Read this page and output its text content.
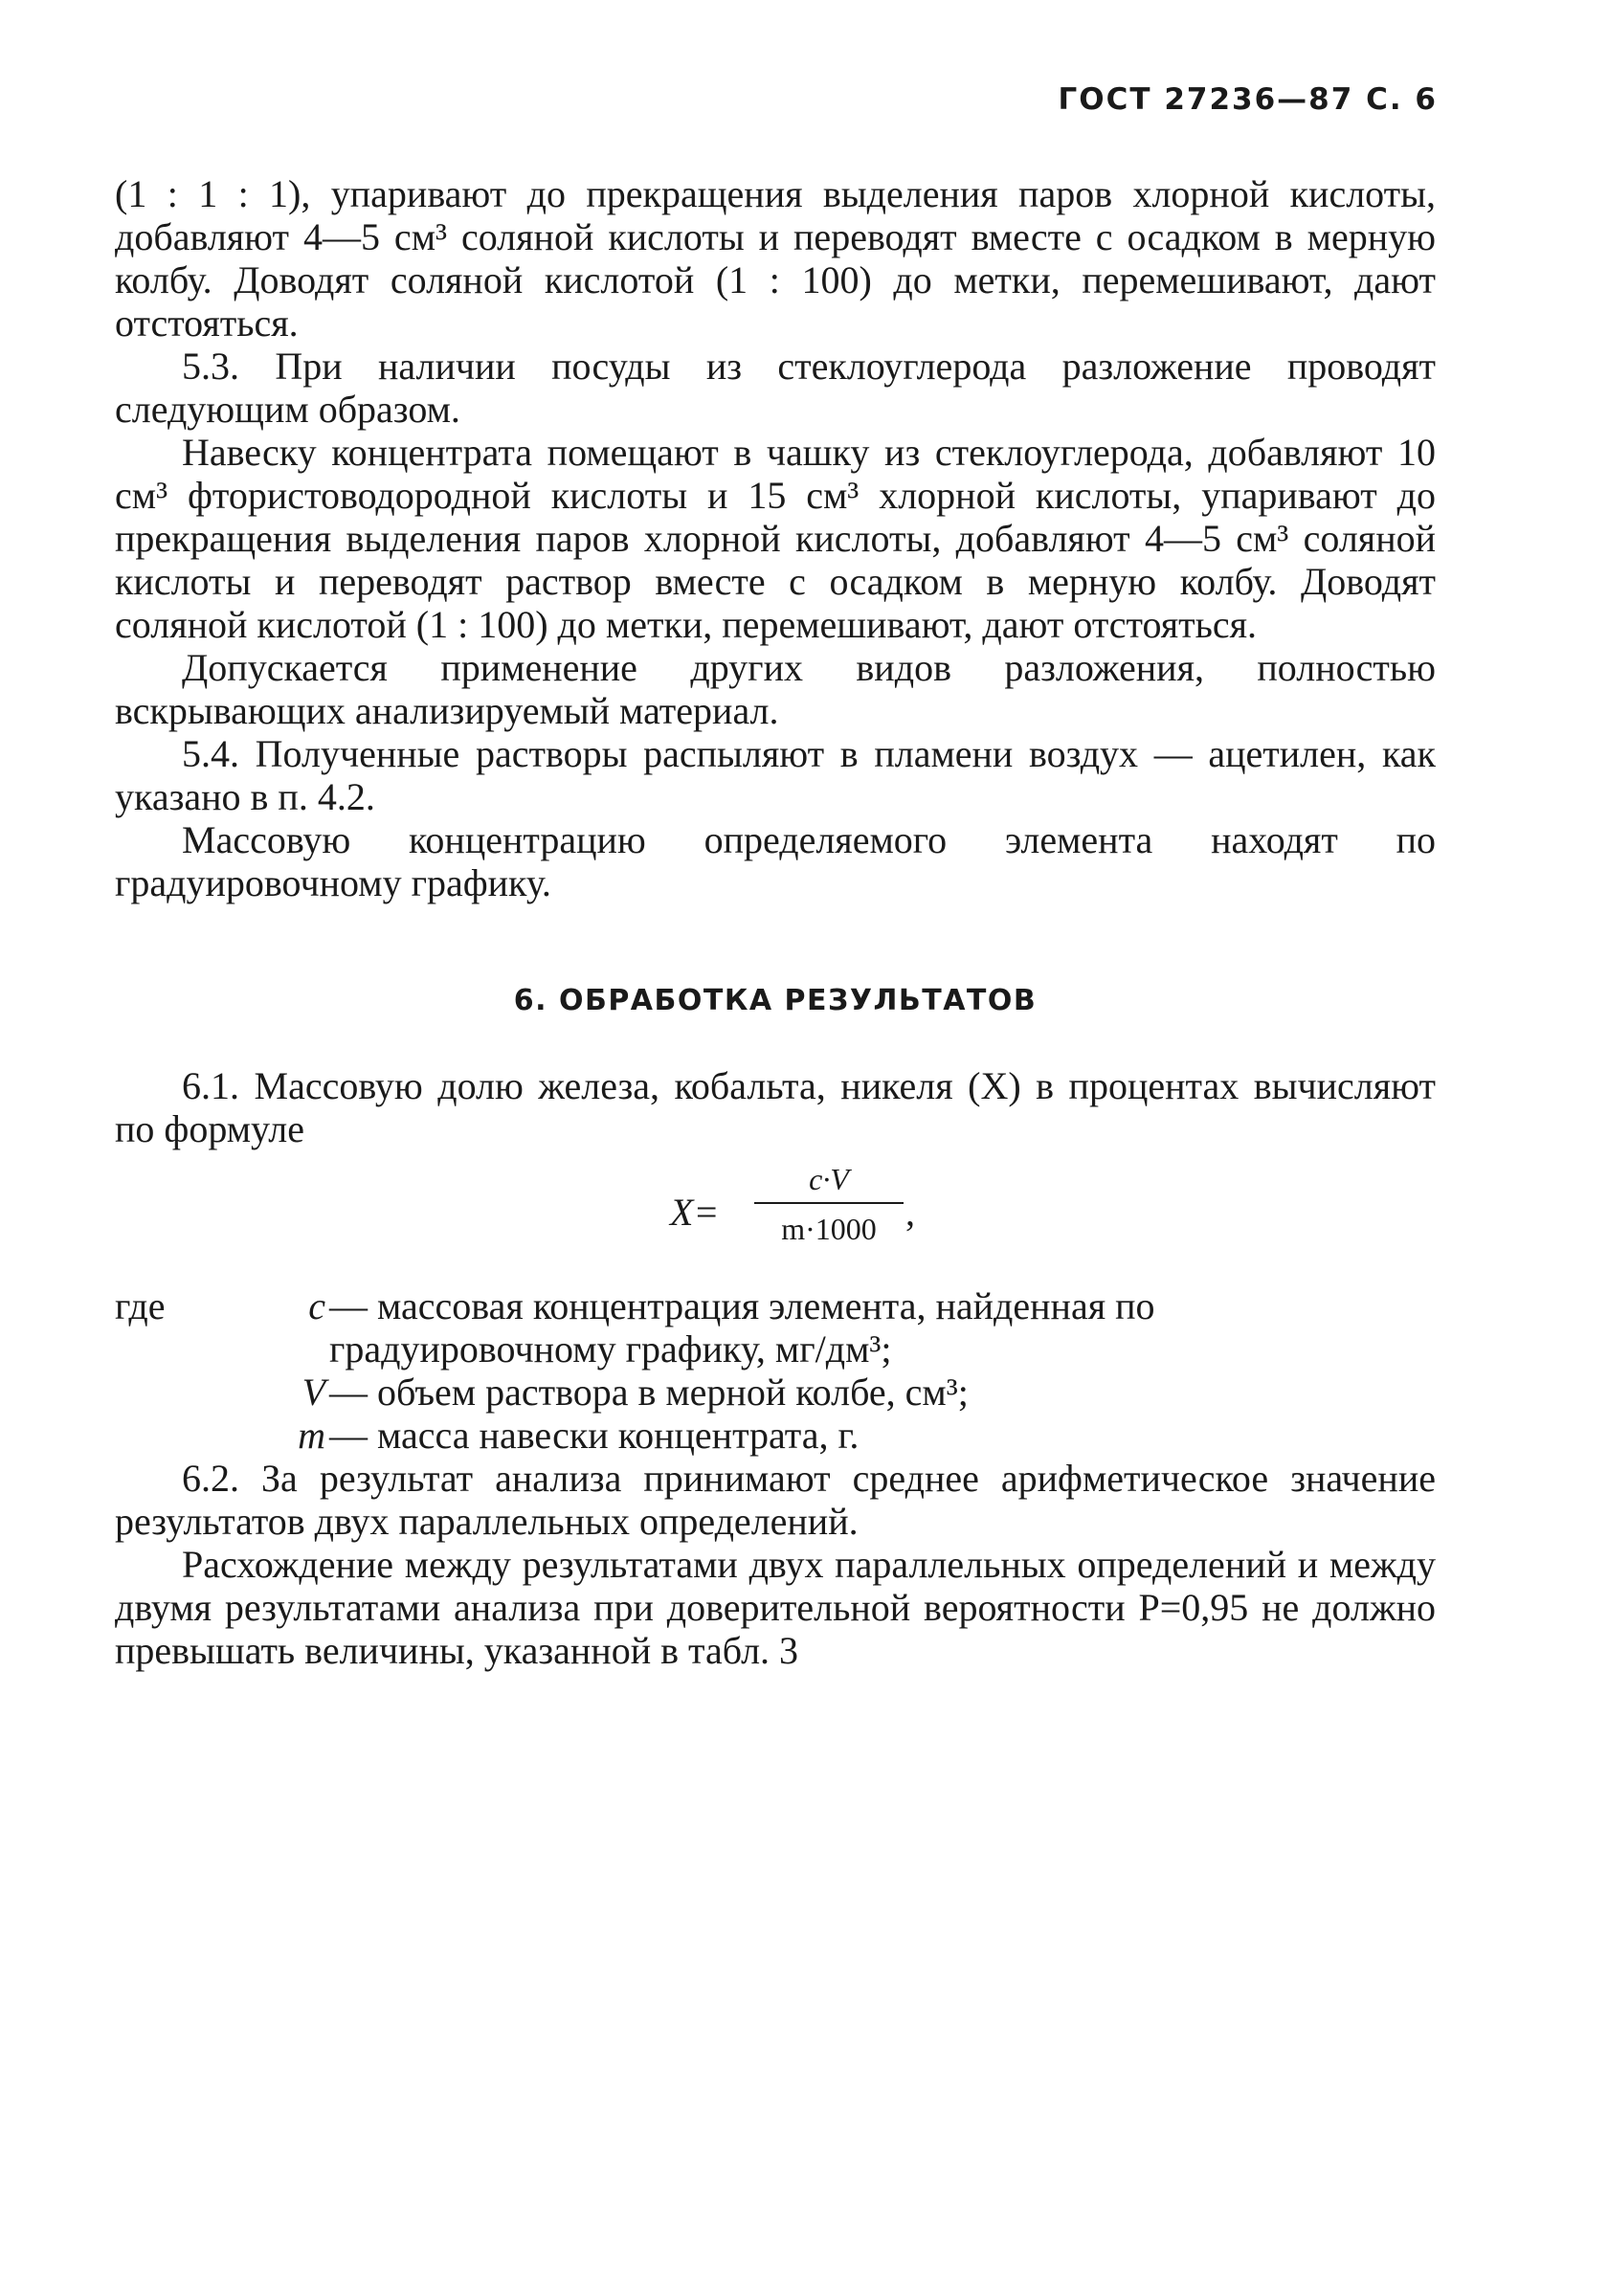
ГОСТ 27236—87 С. 6

(1 : 1 : 1), упаривают до прекращения выделения паров хлорной кислоты, добавляют 4—5 см³ соляной кислоты и переводят вместе с осадком в мерную колбу. Доводят соляной кислотой (1 : 100) до метки, перемешивают, дают отстояться.

5.3. При наличии посуды из стеклоуглерода разложение проводят следующим образом.

Навеску концентрата помещают в чашку из стеклоуглерода, добавляют 10 см³ фтористоводородной кислоты и 15 см³ хлорной кислоты, упаривают до прекращения выделения паров хлорной кислоты, добавляют 4—5 см³ соляной кислоты и переводят раствор вместе с осадком в мерную колбу. Доводят соляной кислотой (1 : 100) до метки, перемешивают, дают отстояться.

Допускается применение других видов разложения, полностью вскрывающих анализируемый материал.

5.4. Полученные растворы распыляют в пламени воздух — ацетилен, как указано в п. 4.2.

Массовую концентрацию определяемого элемента находят по градуировочному графику.

6. ОБРАБОТКА РЕЗУЛЬТАТОВ

6.1. Массовую долю железа, кобальта, никеля (X) в процентах вычисляют по формуле

X=
c·V
m·1000 ,
где	c — массовая концентрация элемента, найденная по градуировочному графику, мг/дм³;
V — объем раствора в мерной колбе, см³;
m — масса навески концентрата, г.

6.2. За результат анализа принимают среднее арифметическое значение результатов двух параллельных определений.

Расхождение между результатами двух параллельных определений и между двумя результатами анализа при доверительной вероятности P=0,95 не должно превышать величины, указанной в табл. 3
